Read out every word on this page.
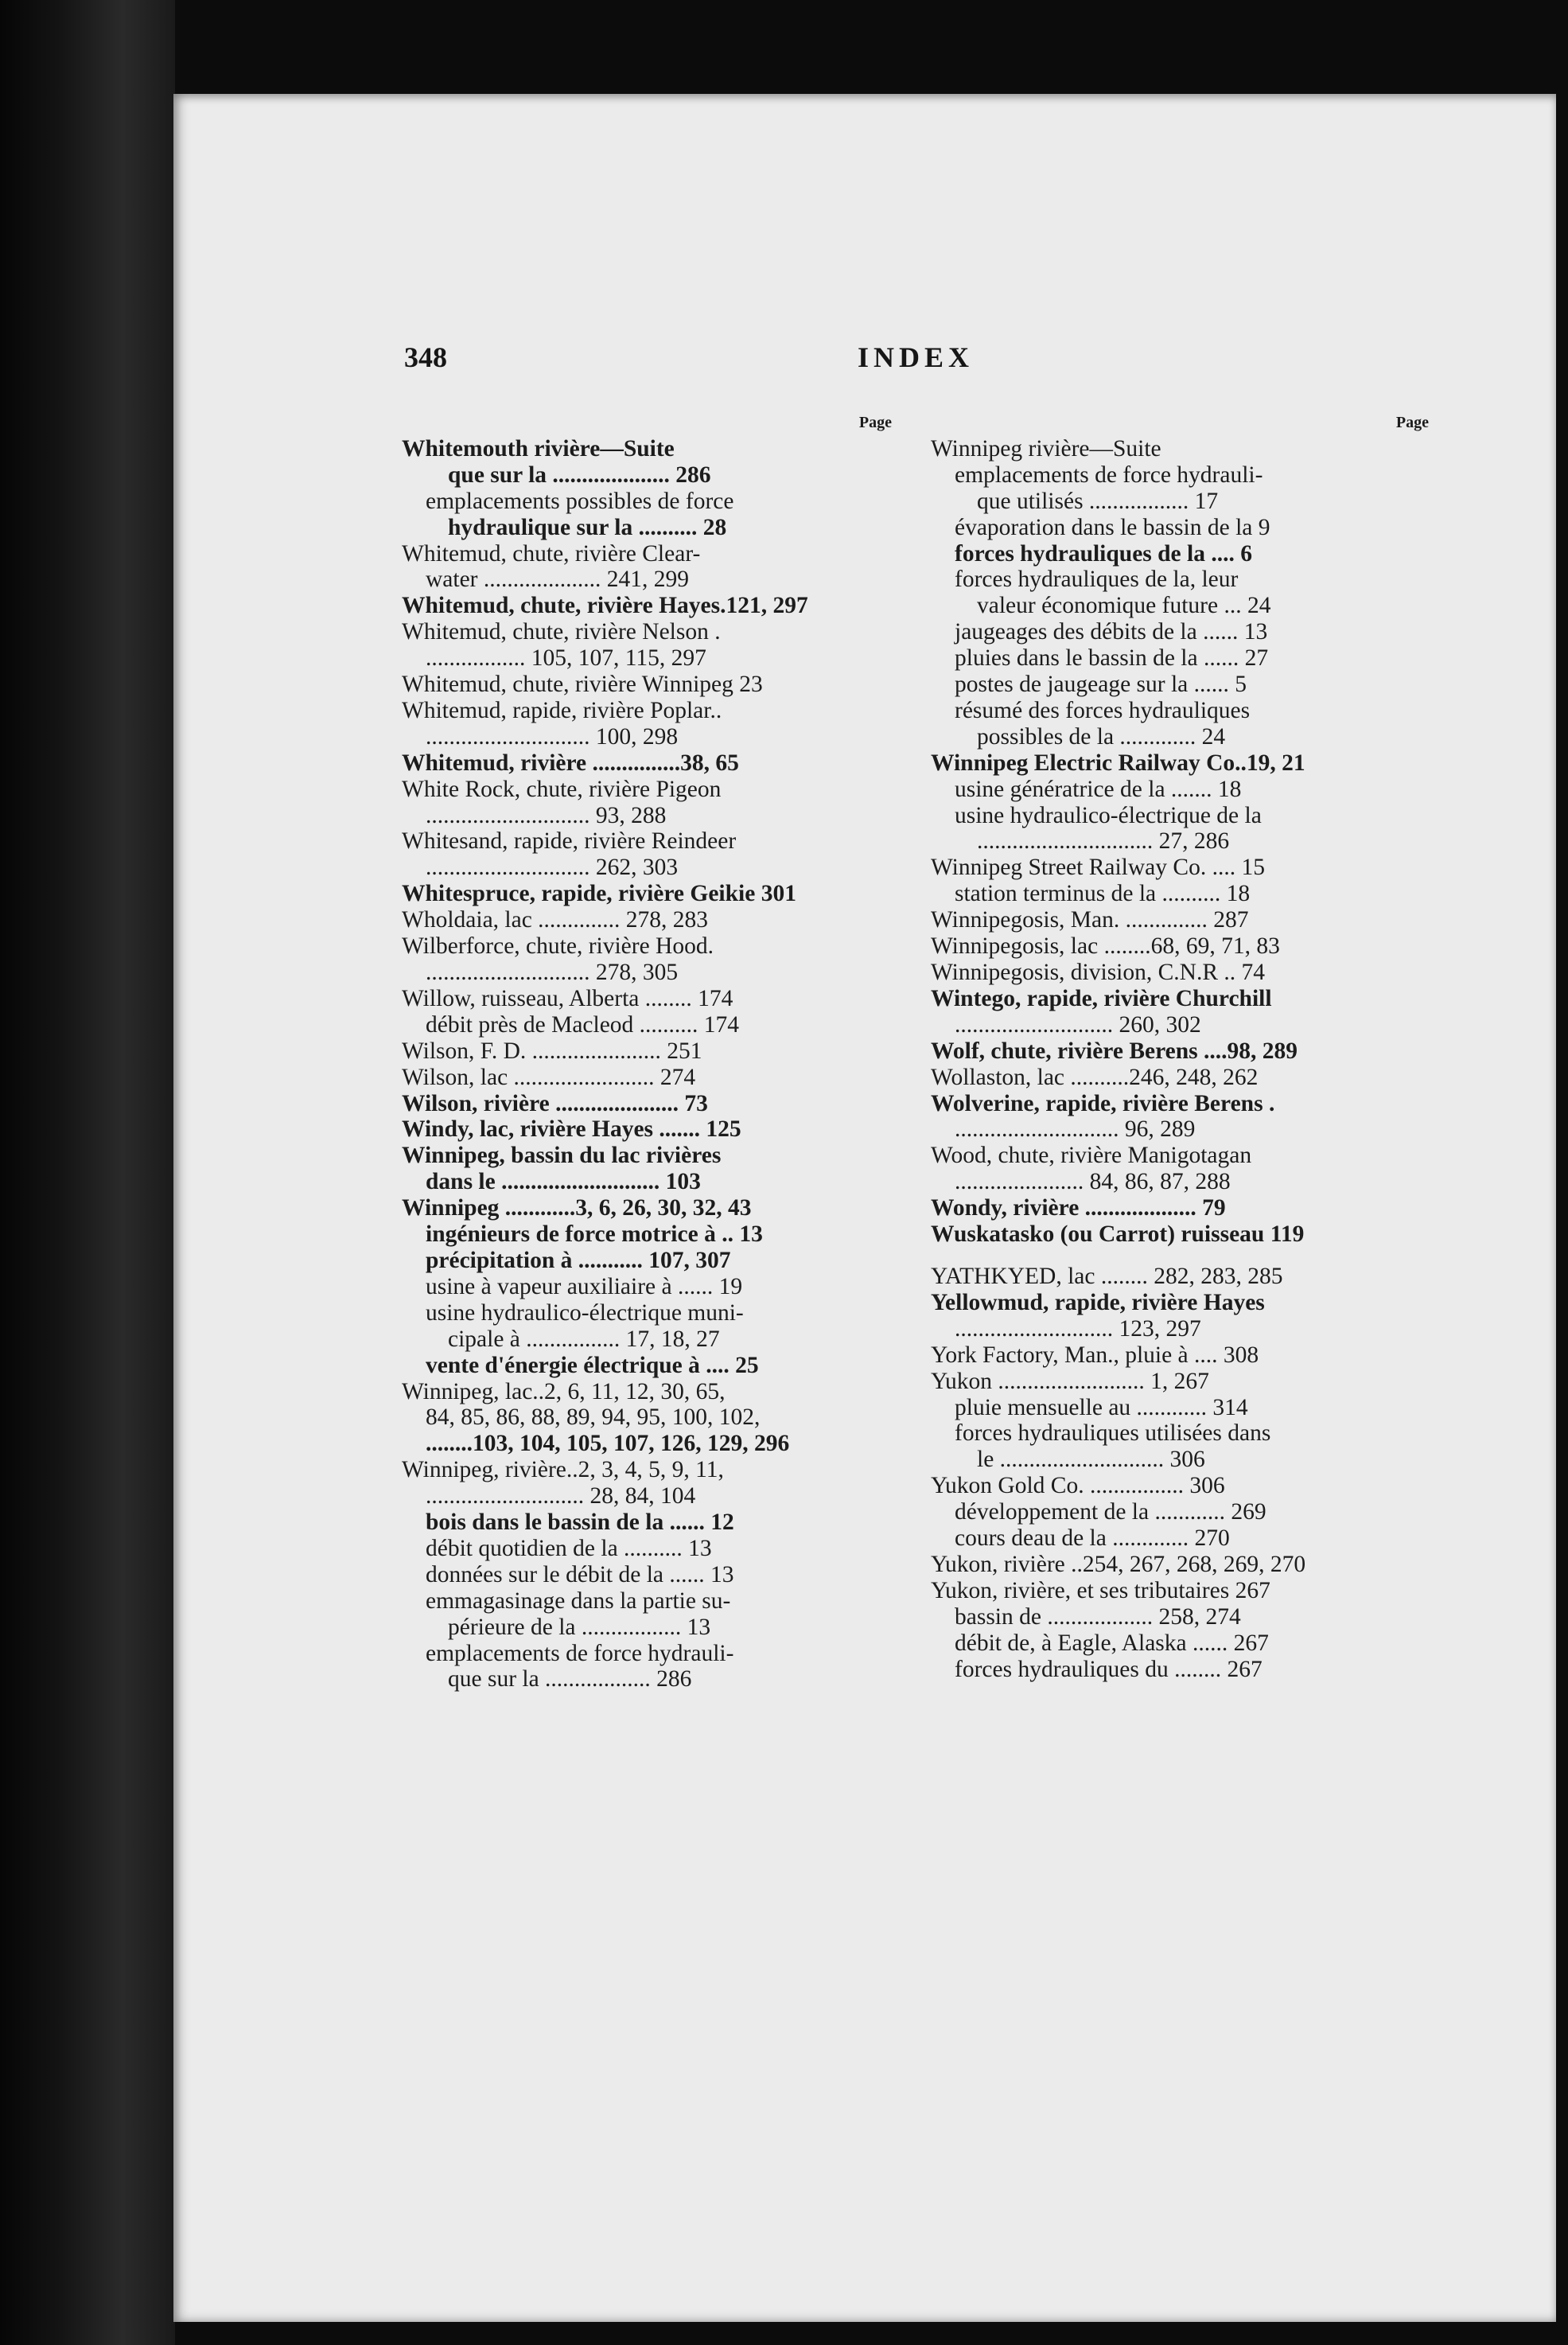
348	INDEX
Page
Whitemouth rivière—Suite
que sur la .................... 286
emplacements possibles de force
hydraulique sur la .......... 28
Whitemud, chute, rivière Clear-
water .................... 241, 299
Whitemud, chute, rivière Hayes.121, 297
Whitemud, chute, rivière Nelson .
................. 105, 107, 115, 297
Whitemud, chute, rivière Winnipeg 23
Whitemud, rapide, rivière Poplar..
............................ 100, 298
Whitemud, rivière ...............38, 65
White Rock, chute, rivière Pigeon
............................ 93, 288
Whitesand, rapide, rivière Reindeer
............................ 262, 303
Whitespruce, rapide, rivière Geikie 301
Wholdaia, lac .............. 278, 283
Wilberforce, chute, rivière Hood.
............................ 278, 305
Willow, ruisseau, Alberta ........ 174
débit près de Macleod .......... 174
Wilson, F. D. ...................... 251
Wilson, lac ........................ 274
Wilson, rivière ..................... 73
Windy, lac, rivière Hayes ....... 125
Winnipeg, bassin du lac rivières
dans le ........................... 103
Winnipeg ............3, 6, 26, 30, 32, 43
ingénieurs de force motrice à .. 13
précipitation à ........... 107, 307
usine à vapeur auxiliaire à ...... 19
usine hydraulico-électrique muni-
cipale à ................ 17, 18, 27
vente d'énergie électrique à .... 25
Winnipeg, lac..2, 6, 11, 12, 30, 65,
84, 85, 86, 88, 89, 94, 95, 100, 102,
........103, 104, 105, 107, 126, 129, 296
Winnipeg, rivière..2, 3, 4, 5, 9, 11,
........................... 28, 84, 104
bois dans le bassin de la ...... 12
débit quotidien de la .......... 13
données sur le débit de la ...... 13
emmagasinage dans la partie su-
périeure de la ................. 13
emplacements de force hydrauli-
que sur la .................. 286
Page
Winnipeg rivière—Suite
emplacements de force hydrauli-
que utilisés ................. 17
évaporation dans le bassin de la 9
forces hydrauliques de la .... 6
forces hydrauliques de la, leur
valeur économique future ... 24
jaugeages des débits de la ...... 13
pluies dans le bassin de la ...... 27
postes de jaugeage sur la ...... 5
résumé des forces hydrauliques
possibles de la ............. 24
Winnipeg Electric Railway Co..19, 21
usine génératrice de la ....... 18
usine hydraulico-électrique de la
.............................. 27, 286
Winnipeg Street Railway Co. .... 15
station terminus de la .......... 18
Winnipegosis, Man. .............. 287
Winnipegosis, lac ........68, 69, 71, 83
Winnipegosis, division, C.N.R .. 74
Wintego, rapide, rivière Churchill
........................... 260, 302
Wolf, chute, rivière Berens ....98, 289
Wollaston, lac ..........246, 248, 262
Wolverine, rapide, rivière Berens .
............................ 96, 289
Wood, chute, rivière Manigotagan
...................... 84, 86, 87, 288
Wondy, rivière ................... 79
Wuskatasko (ou Carrot) ruisseau 119
YATHKYED, lac ........ 282, 283, 285
Yellowmud, rapide, rivière Hayes
........................... 123, 297
York Factory, Man., pluie à .... 308
Yukon ......................... 1, 267
pluie mensuelle au ............ 314
forces hydrauliques utilisées dans
le ............................ 306
Yukon Gold Co. ................ 306
développement de la ............ 269
cours deau de la ............. 270
Yukon, rivière ..254, 267, 268, 269, 270
Yukon, rivière, et ses tributaires 267
bassin de .................. 258, 274
débit de, à Eagle, Alaska ...... 267
forces hydrauliques du ........ 267
